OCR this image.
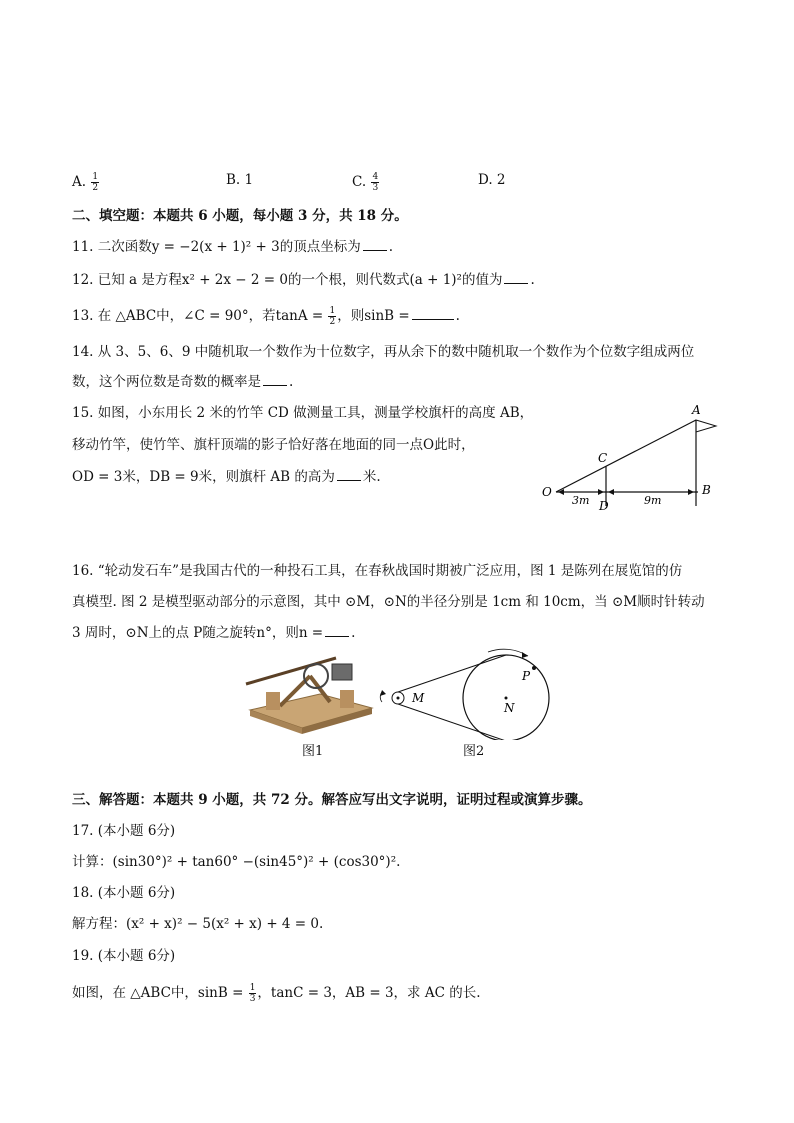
A. $\frac{1}{2}$	B. 1	C. $\frac{4}{3}$	D. 2
二、填空题：本题共 6 小题，每小题 3 分，共 18 分。
11. 二次函数y = −2(x + 1)² + 3的顶点坐标为 .
12. 已知 a 是方程x² + 2x − 2 = 0的一个根，则代数式(a + 1)²的值为 .
13. 在 △ABC中，∠C = 90°，若$\tan A = \frac{1}{2}$ ，则sinB =	.
14. 从 3、5、6、9 中随机取一个数作为十位数字，再从余下的数中随机取一个数作为个位数字组成两位
数，这个两位数是奇数的概率是 .
15. 如图，小东用长 2 米的竹竿 CD 做测量工具，测量学校旗杆的高度 AB，
移动竹竿，使竹竿、旗杆顶端的影子恰好落在地面的同一点O此时，
OD = 3米，DB = 9米，则旗杆 AB 的高为 米.
A
B
C
D
O
3m	9m
16. “轮动发石车”是我国古代的一种投石工具，在春秋战国时期被广泛应用，图 1 是陈列在展览馆的仿
真模型. 图 2 是模型驱动部分的示意图，其中 ⊙M，⊙N的半径分别是 1cm 和 10cm，当 ⊙M顺时针转动
3 周时，⊙N上的点 P随之旋转n°，则n = .
M
N
P
图1	图2
三、解答题：本题共 9 小题，共 72 分。解答应写出文字说明，证明过程或演算步骤。
17. (本小题 6分)
计算：(sin30°)² + tan60° −(sin45°)² + (cos30°)².
18. (本小题 6分)
解方程：(x² + x)² − 5(x² + x) + 4 = 0.
19. (本小题 6分)
如图，在 △ABC中，$\sin B = \frac{1}{3}$ ，tanC = 3，AB = 3，求 AC 的长.
